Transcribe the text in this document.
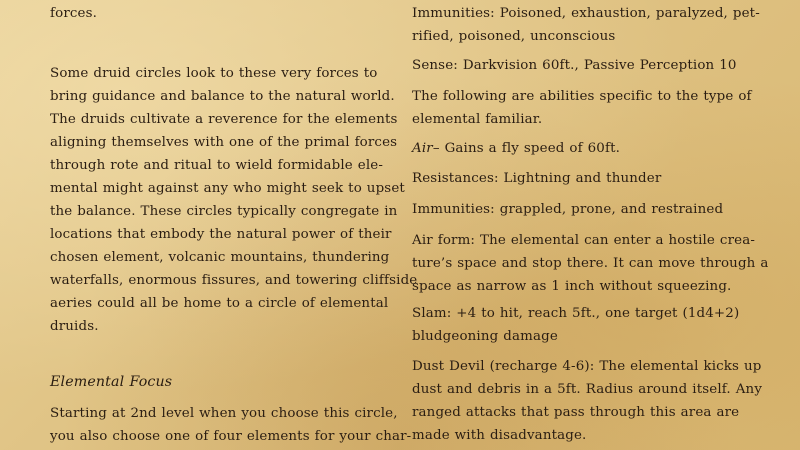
forces.

Some druid circles look to these very forces to

bring guidance and balance to the natural world.

The druids cultivate a reverence for the elements

aligning themselves with one of the primal forces

through rote and ritual to wield formidable ele-

mental might against any who might seek to upset

the balance. These circles typically congregate in

locations that embody the natural power of their

chosen element, volcanic mountains, thundering

waterfalls, enormous fissures, and towering cliffside

aeries could all be home to a circle of elemental

druids.

Elemental Focus

Starting at 2nd level when you choose this circle,

you also choose one of four elements for your char-

Immunities: Poisoned, exhaustion, paralyzed, pet-

rified, poisoned, unconscious

Sense: Darkvision 60ft., Passive Perception 10

The following are abilities specific to the type of

elemental familiar.

Air– Gains a fly speed of 60ft.

Resistances: Lightning and thunder

Immunities: grappled, prone, and restrained

Air form: The elemental can enter a hostile crea-

ture’s space and stop there. It can move through a

space as narrow as 1 inch without squeezing.

Slam: +4 to hit, reach 5ft., one target (1d4+2)

bludgeoning damage

Dust Devil (recharge 4-6): The elemental kicks up

dust and debris in a 5ft. Radius around itself. Any

ranged attacks that pass through this area are

made with disadvantage.
